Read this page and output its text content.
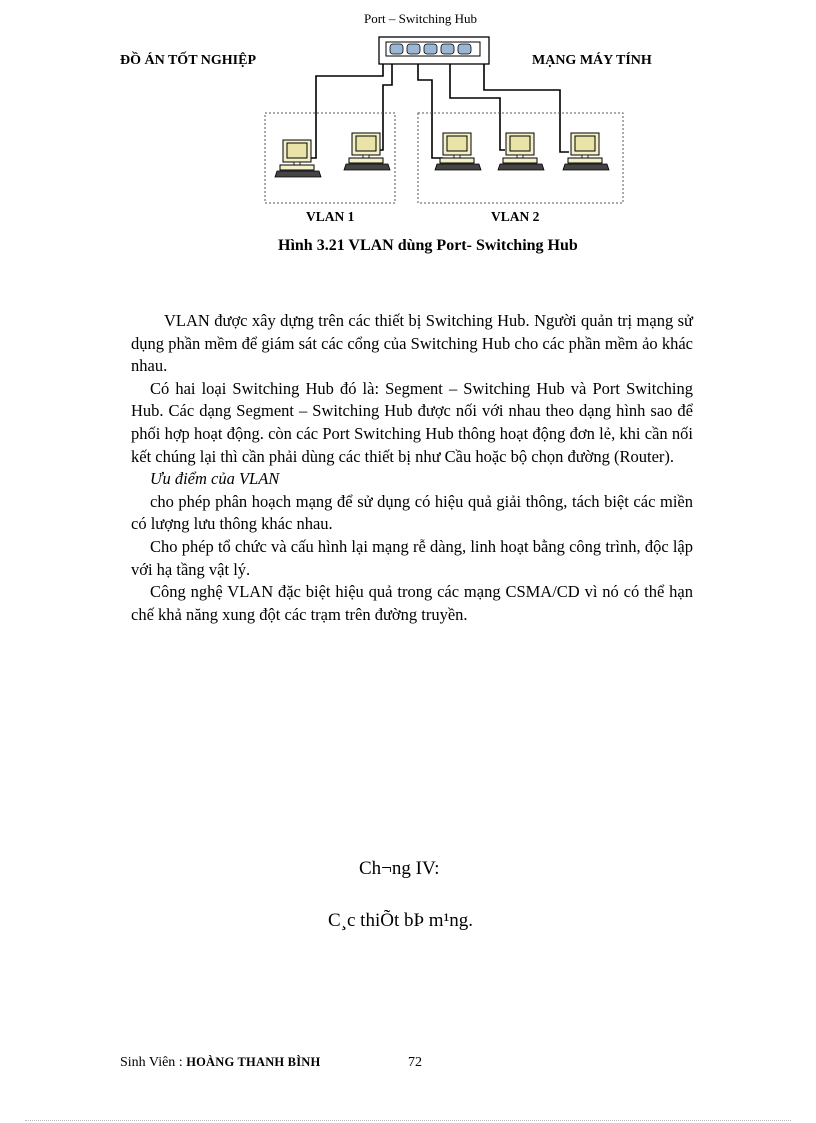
ĐỒ ÁN TỐT NGHIỆP	MẠNG MÁY TÍNH
Port – Switching Hub
VLAN 1	VLAN 2
Hình 3.21 VLAN dùng Port- Switching Hub

VLAN được xây dựng trên các thiết bị Switching Hub. Người quản trị mạng sử dụng phần mềm để giám sát các cổng của Switching Hub cho các phần mềm ảo khác nhau.

Có hai loại Switching Hub đó là: Segment – Switching Hub và Port Switching Hub. Các dạng Segment – Switching Hub được nối với nhau theo dạng hình sao để phối hợp hoạt động. còn các Port Switching Hub thông hoạt động đơn lẻ, khi cần nối kết chúng lại thì cần phải dùng các thiết bị như Cầu hoặc bộ chọn đường (Router).

Ưu điểm của VLAN

cho phép phân hoạch mạng để sử dụng có hiệu quả giải thông, tách biệt các miền có lượng lưu thông khác nhau.

Cho phép tổ chức và cấu hình lại mạng rễ dàng, linh hoạt bằng công trình, độc lập với hạ tầng vật lý.

Công nghệ VLAN đặc biệt hiệu quả trong các mạng CSMA/CD vì nó có thể hạn chế khả năng xung đột các trạm trên đường truyền.

Ch¬ng IV:
C¸c thiÕt bÞ m¹ng.
Sinh Viên : HOÀNG THANH BÌNH	72
